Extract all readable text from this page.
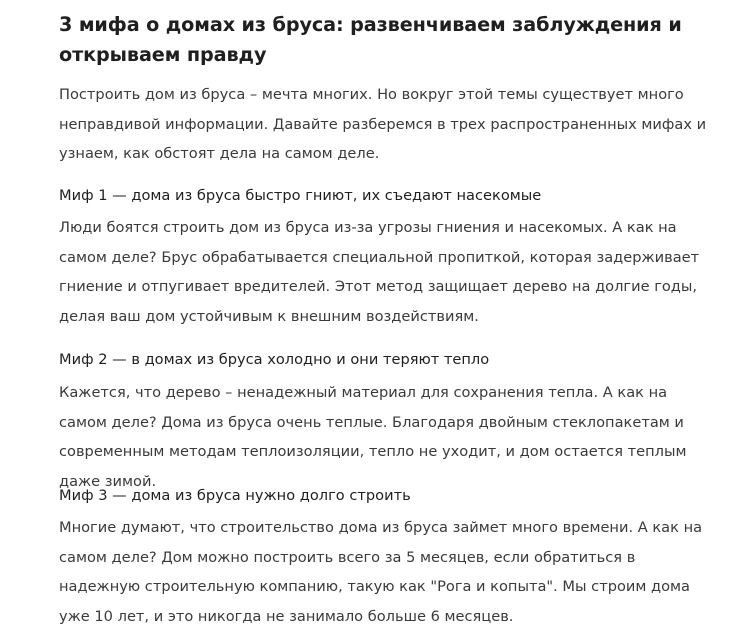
3 мифа о домах из бруса: развенчиваем заблуждения и открываем правду

Построить дом из бруса – мечта многих. Но вокруг этой темы существует много неправдивой информации. Давайте разберемся в трех распространенных мифах и узнаем, как обстоят дела на самом деле.

Миф 1 — дома из бруса быстро гниют, их съедают насекомые

Люди боятся строить дом из бруса из-за угрозы гниения и насекомых. А как на самом деле? Брус обрабатывается специальной пропиткой, которая задерживает гниение и отпугивает вредителей. Этот метод защищает дерево на долгие годы, делая ваш дом устойчивым к внешним воздействиям.

Миф 2 — в домах из бруса холодно и они теряют тепло

Кажется, что дерево – ненадежный материал для сохранения тепла. А как на самом деле? Дома из бруса очень теплые. Благодаря двойным стеклопакетам и современным методам теплоизоляции, тепло не уходит, и дом остается теплым даже зимой.

Миф 3 — дома из бруса нужно долго строить

Многие думают, что строительство дома из бруса займет много времени. А как на самом деле? Дом можно построить всего за 5 месяцев, если обратиться в надежную строительную компанию, такую как "Рога и копыта". Мы строим дома уже 10 лет, и это никогда не занимало больше 6 месяцев.
